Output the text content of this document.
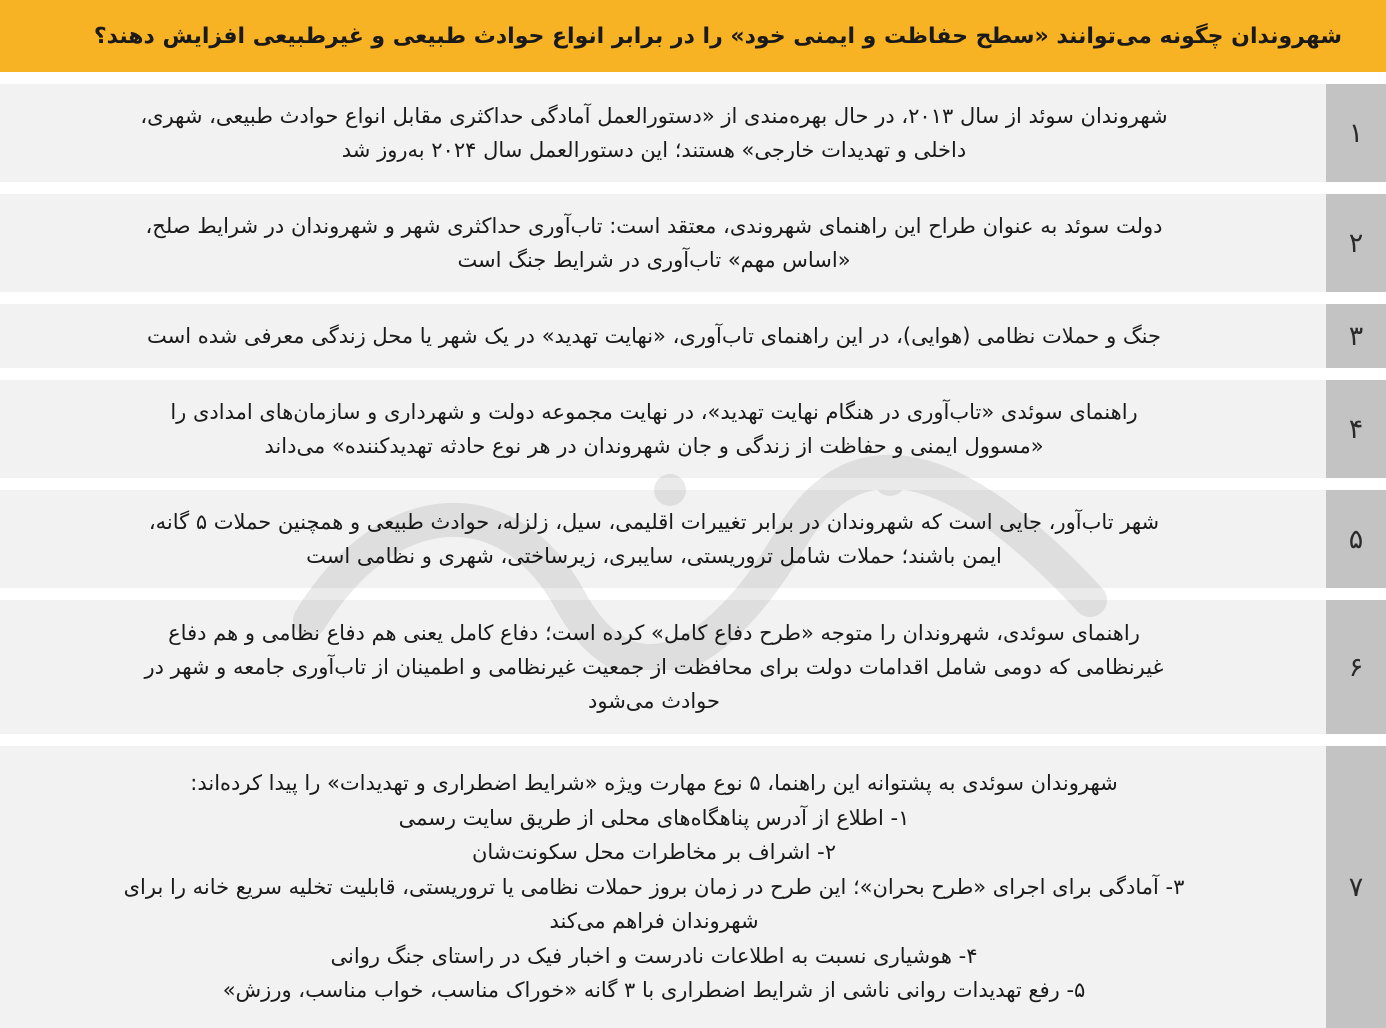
شهروندان چگونه می‌توانند «سطح حفاظت و ایمنی خود» را در برابر انواع حوادث طبیعی و غیرطبیعی افزایش دهند؟
۱
شهروندان سوئد از سال ۲۰۱۳، در حال بهره‌مندی از «دستورالعمل آمادگی حداکثری مقابل انواع حوادث طبیعی، شهری،
داخلی و تهدیدات خارجی» هستند؛ این دستورالعمل سال ۲۰۲۴ به‌روز شد
۲
دولت سوئد به عنوان طراح این راهنمای شهروندی، معتقد است: تاب‌آوری حداکثری شهر و شهروندان در شرایط صلح،
«اساس مهم» تاب‌آوری در شرایط جنگ است
۳
جنگ و حملات نظامی (هوایی)، در این راهنمای تاب‌آوری، «نهایت تهدید» در یک شهر یا محل زندگی معرفی شده است
۴
راهنمای سوئدی «تاب‌آوری در هنگام نهایت تهدید»، در نهایت مجموعه دولت و شهرداری و سازمان‌های امدادی را
«مسوول ایمنی و حفاظت از زندگی و جان شهروندان در هر نوع حادثه تهدیدکننده» می‌داند
۵
شهر تاب‌آور، جایی است که شهروندان در برابر تغییرات اقلیمی، سیل، زلزله، حوادث طبیعی و همچنین حملات ۵ گانه،
ایمن باشند؛ حملات شامل تروریستی، سایبری، زیرساختی، شهری و نظامی است
۶
راهنمای سوئدی، شهروندان را متوجه «طرح دفاع کامل» کرده است؛ دفاع کامل یعنی هم دفاع نظامی و هم دفاع
غیرنظامی که دومی شامل اقدامات دولت برای محافظت از جمعیت غیرنظامی و اطمینان از تاب‌آوری جامعه و شهر در
حوادث می‌شود
۷
شهروندان سوئدی به پشتوانه این راهنما، ۵ نوع مهارت ویژه «شرایط اضطراری و تهدیدات» را پیدا کرده‌اند:
۱- اطلاع از آدرس پناهگاه‌های محلی از طریق سایت رسمی
۲- اشراف بر مخاطرات محل سکونت‌شان
۳- آمادگی برای اجرای «طرح بحران»؛ این طرح در زمان بروز حملات نظامی یا تروریستی، قابلیت تخلیه سریع خانه را برای
شهروندان فراهم می‌کند
۴- هوشیاری نسبت به اطلاعات نادرست و اخبار فیک در راستای جنگ روانی
۵- رفع تهدیدات روانی ناشی از شرایط اضطراری با ۳ گانه «خوراک مناسب، خواب مناسب، ورزش»
